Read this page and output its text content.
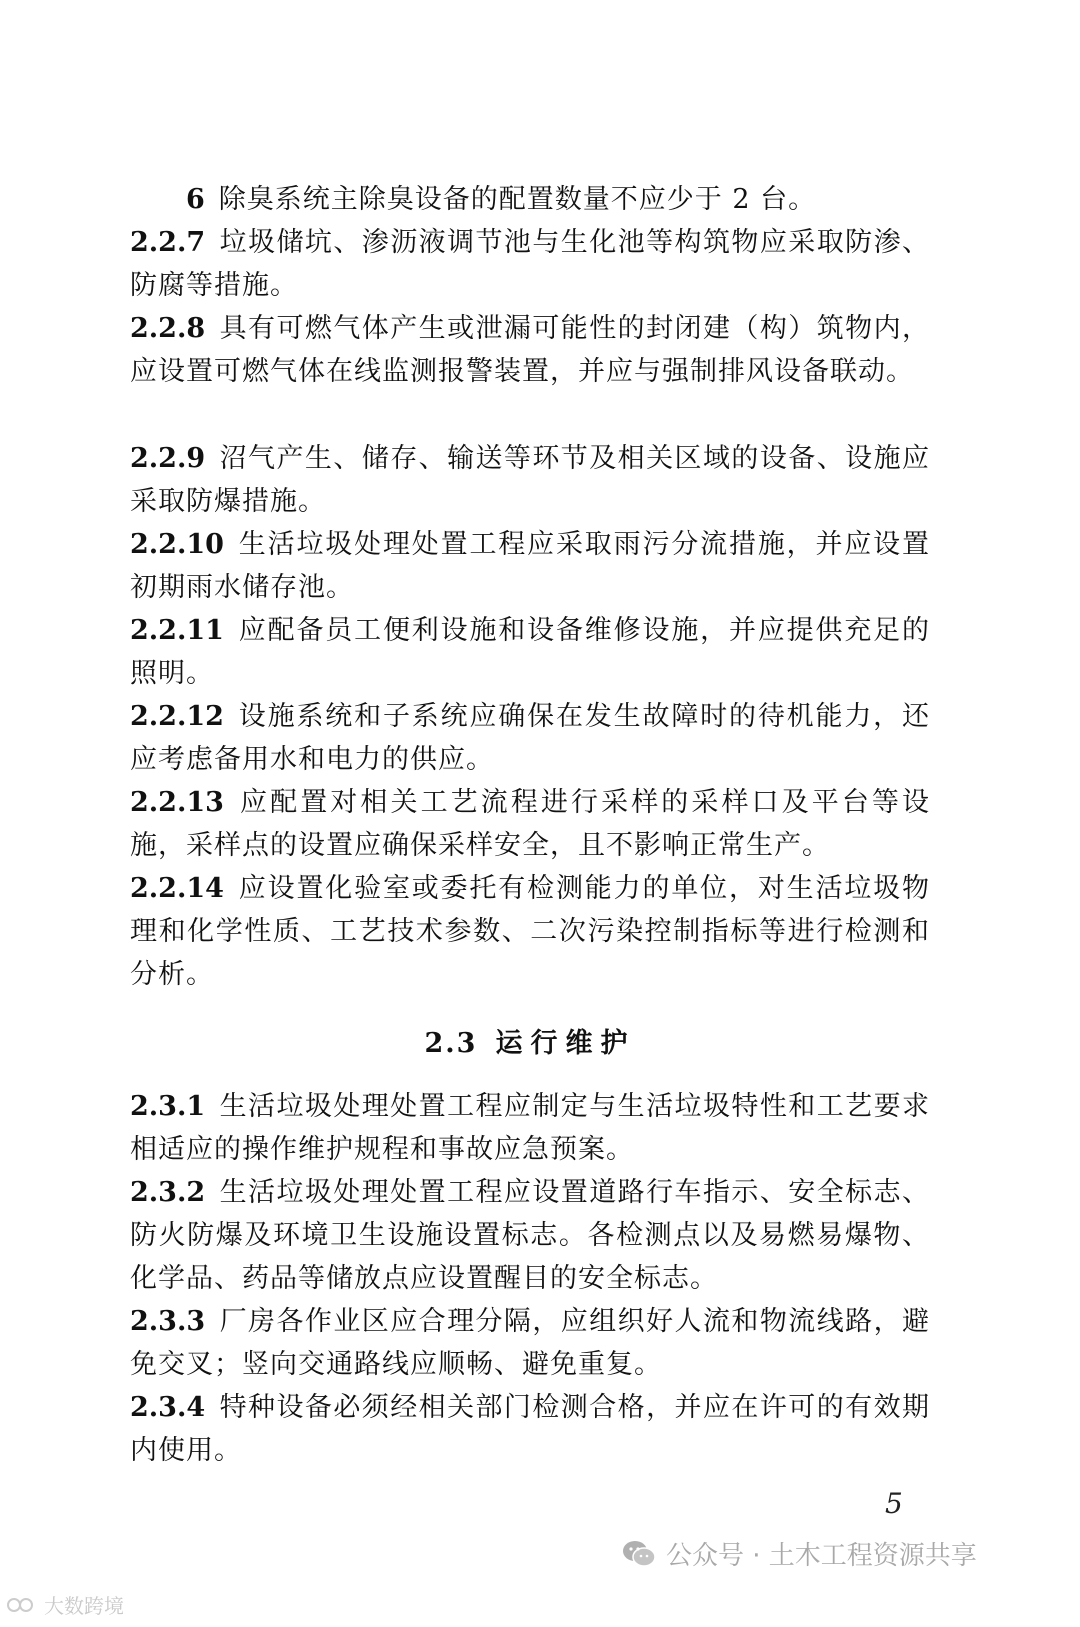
6 除臭系统主除臭设备的配置数量不应少于 2 台。

2.2.7 垃圾储坑、渗沥液调节池与生化池等构筑物应采取防渗、防腐等措施。

2.2.8 具有可燃气体产生或泄漏可能性的封闭建（构）筑物内，应设置可燃气体在线监测报警装置，并应与强制排风设备联动。

2.2.9 沼气产生、储存、输送等环节及相关区域的设备、设施应采取防爆措施。

2.2.10 生活垃圾处理处置工程应采取雨污分流措施，并应设置初期雨水储存池。

2.2.11 应配备员工便利设施和设备维修设施，并应提供充足的照明。

2.2.12 设施系统和子系统应确保在发生故障时的待机能力，还应考虑备用水和电力的供应。

2.2.13 应配置对相关工艺流程进行采样的采样口及平台等设施，采样点的设置应确保采样安全，且不影响正常生产。

2.2.14 应设置化验室或委托有检测能力的单位，对生活垃圾物理和化学性质、工艺技术参数、二次污染控制指标等进行检测和分析。

2.3 运行维护

2.3.1 生活垃圾处理处置工程应制定与生活垃圾特性和工艺要求相适应的操作维护规程和事故应急预案。

2.3.2 生活垃圾处理处置工程应设置道路行车指示、安全标志、防火防爆及环境卫生设施设置标志。各检测点以及易燃易爆物、化学品、药品等储放点应设置醒目的安全标志。

2.3.3 厂房各作业区应合理分隔，应组织好人流和物流线路，避免交叉；竖向交通路线应顺畅、避免重复。

2.3.4 特种设备必须经相关部门检测合格，并应在许可的有效期内使用。

5
公众号 · 土木工程资源共享
大数跨境
